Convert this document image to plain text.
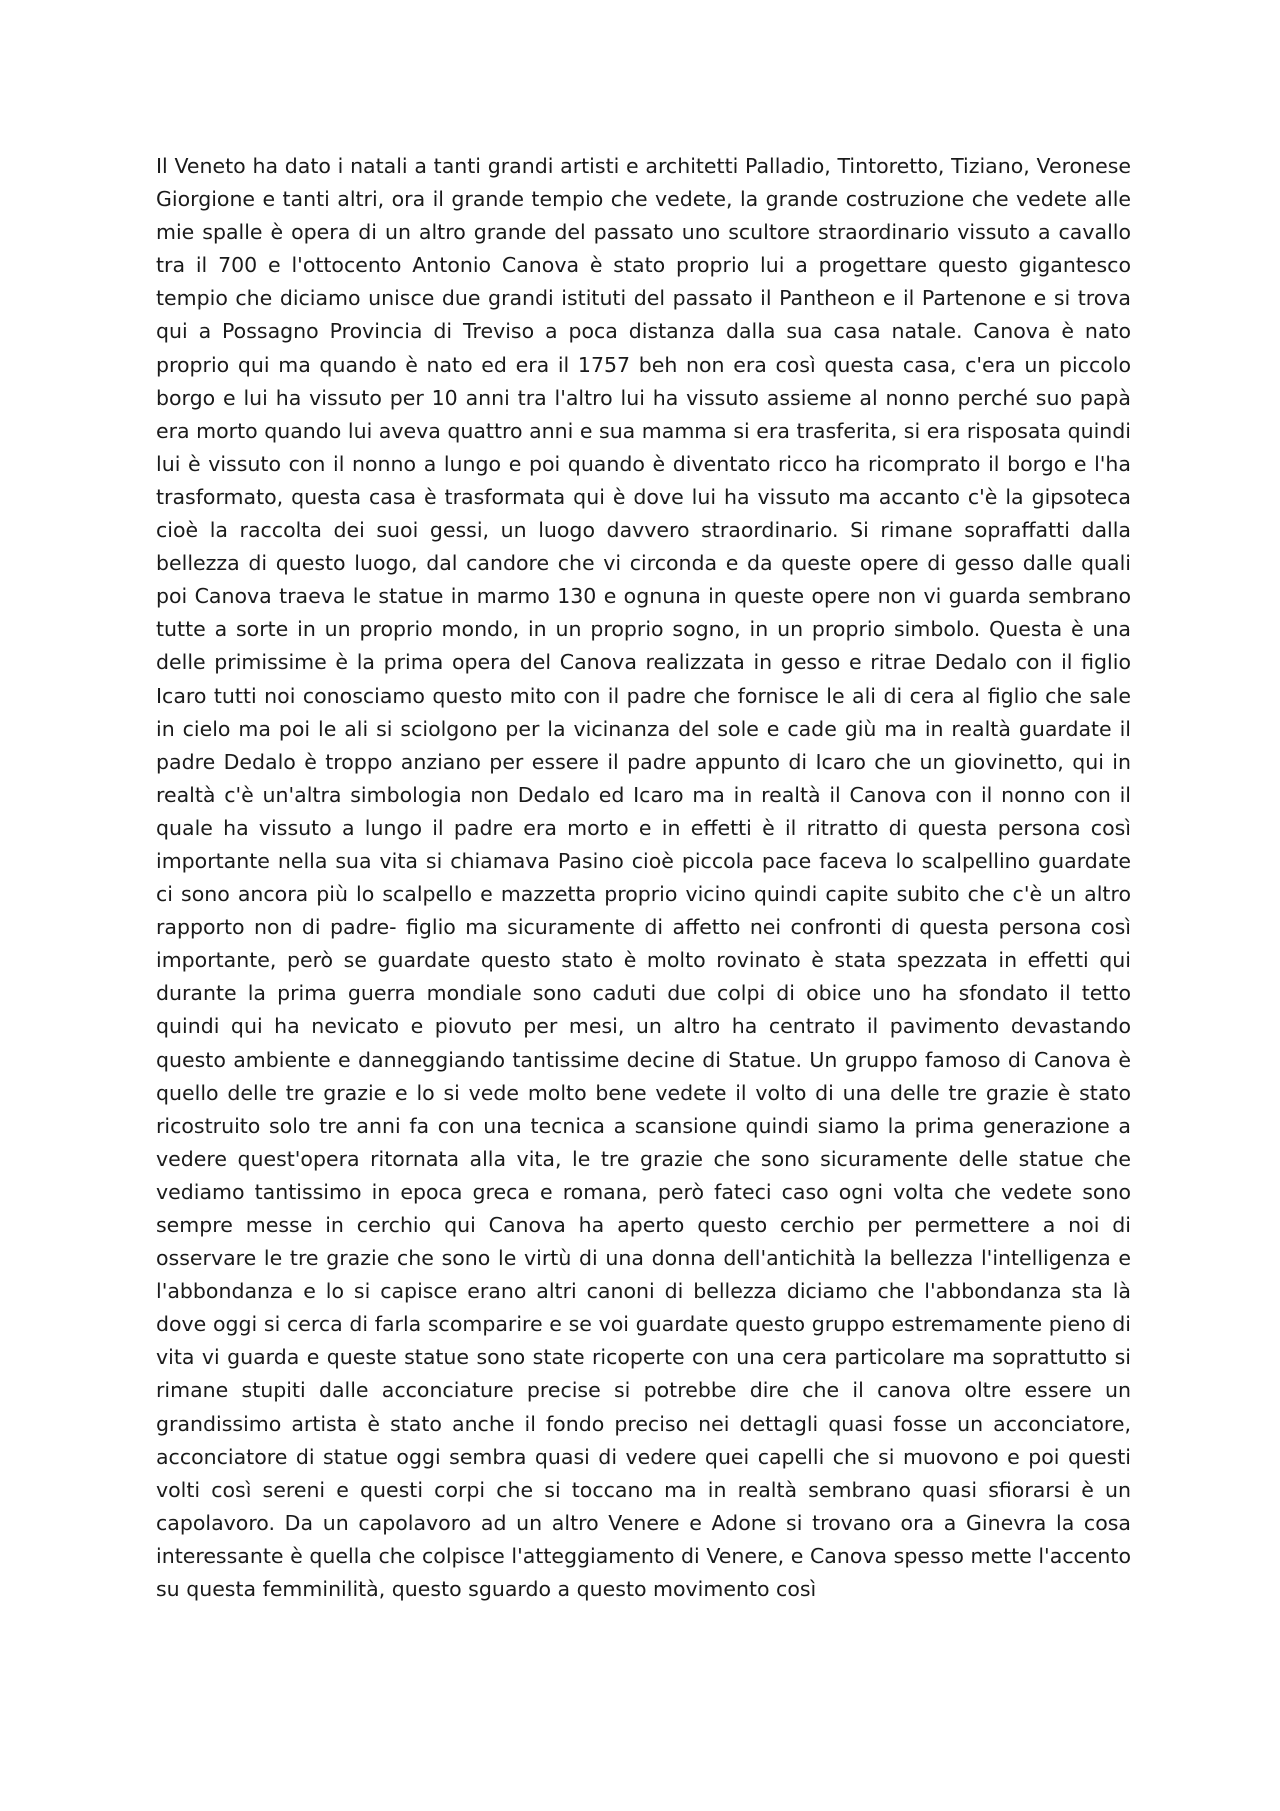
Il Veneto ha dato i natali a tanti grandi artisti e architetti Palladio, Tintoretto, Tiziano, Veronese Giorgione e tanti altri, ora il grande tempio che vedete, la grande costruzione che vedete alle mie spalle è opera di un altro grande del passato uno scultore straordinario vissuto a cavallo tra il 700 e l'ottocento Antonio Canova è stato proprio lui a progettare questo gigantesco tempio che diciamo unisce due grandi istituti del passato il Pantheon e il Partenone e si trova qui a Possagno Provincia di Treviso a poca distanza dalla sua casa natale. Canova è nato proprio qui ma quando è nato ed era il 1757 beh non era così questa casa, c'era un piccolo borgo e lui ha vissuto per 10 anni tra l'altro lui ha vissuto assieme al nonno perché suo papà era morto quando lui aveva quattro anni e sua mamma si era trasferita, si era risposata quindi lui è vissuto con il nonno a lungo e poi quando è diventato ricco ha ricomprato il borgo e l'ha trasformato, questa casa è trasformata qui è dove lui ha vissuto ma accanto c'è la gipsoteca cioè la raccolta dei suoi gessi, un luogo davvero straordinario. Si rimane sopraffatti dalla bellezza di questo luogo, dal candore che vi circonda e da queste opere di gesso dalle quali poi Canova traeva le statue in marmo 130 e ognuna in queste opere non vi guarda sembrano tutte a sorte in un proprio mondo, in un proprio sogno, in un proprio simbolo. Questa è una delle primissime è la prima opera del Canova realizzata in gesso e ritrae Dedalo con il figlio Icaro tutti noi conosciamo questo mito con il padre che fornisce le ali di cera al figlio che sale in cielo ma poi le ali si sciolgono per la vicinanza del sole e cade giù ma in realtà guardate il padre Dedalo è troppo anziano per essere il padre appunto di Icaro che un giovinetto, qui in realtà c'è un'altra simbologia non Dedalo ed Icaro ma in realtà il Canova con il nonno con il quale ha vissuto a lungo il padre era morto e in effetti è il ritratto di questa persona così importante nella sua vita si chiamava Pasino cioè piccola pace faceva lo scalpellino guardate ci sono ancora più lo scalpello e mazzetta proprio vicino quindi capite subito che c'è un altro rapporto non di padre- figlio ma sicuramente di affetto nei confronti di questa persona così importante, però se guardate questo stato è molto rovinato è stata spezzata in effetti qui durante la prima guerra mondiale sono caduti due colpi di obice uno ha sfondato il tetto quindi qui ha nevicato e piovuto per mesi, un altro ha centrato il pavimento devastando questo ambiente e danneggiando tantissime decine di Statue. Un gruppo famoso di Canova è quello delle tre grazie e lo si vede molto bene vedete il volto di una delle tre grazie è stato ricostruito solo tre anni fa con una tecnica a scansione quindi siamo la prima generazione a vedere quest'opera ritornata alla vita, le tre grazie che sono sicuramente delle statue che vediamo tantissimo in epoca greca e romana, però fateci caso ogni volta che vedete sono sempre messe in cerchio qui Canova ha aperto questo cerchio per permettere a noi di osservare le tre grazie che sono le virtù di una donna dell'antichità la bellezza l'intelligenza e l'abbondanza e lo si capisce erano altri canoni di bellezza diciamo che l'abbondanza sta là dove oggi si cerca di farla scomparire e se voi guardate questo gruppo estremamente pieno di vita vi guarda e queste statue sono state ricoperte con una cera particolare ma soprattutto si rimane stupiti dalle acconciature precise si potrebbe dire che il canova oltre essere un grandissimo artista è stato anche il fondo preciso nei dettagli quasi fosse un acconciatore, acconciatore di statue oggi sembra quasi di vedere quei capelli che si muovono e poi questi volti così sereni e questi corpi che si toccano ma in realtà sembrano quasi sfiorarsi è un capolavoro. Da un capolavoro ad un altro Venere e Adone si trovano ora a Ginevra la cosa interessante è quella che colpisce l'atteggiamento di Venere, e Canova spesso mette l'accento su questa femminilità, questo sguardo a questo movimento così
